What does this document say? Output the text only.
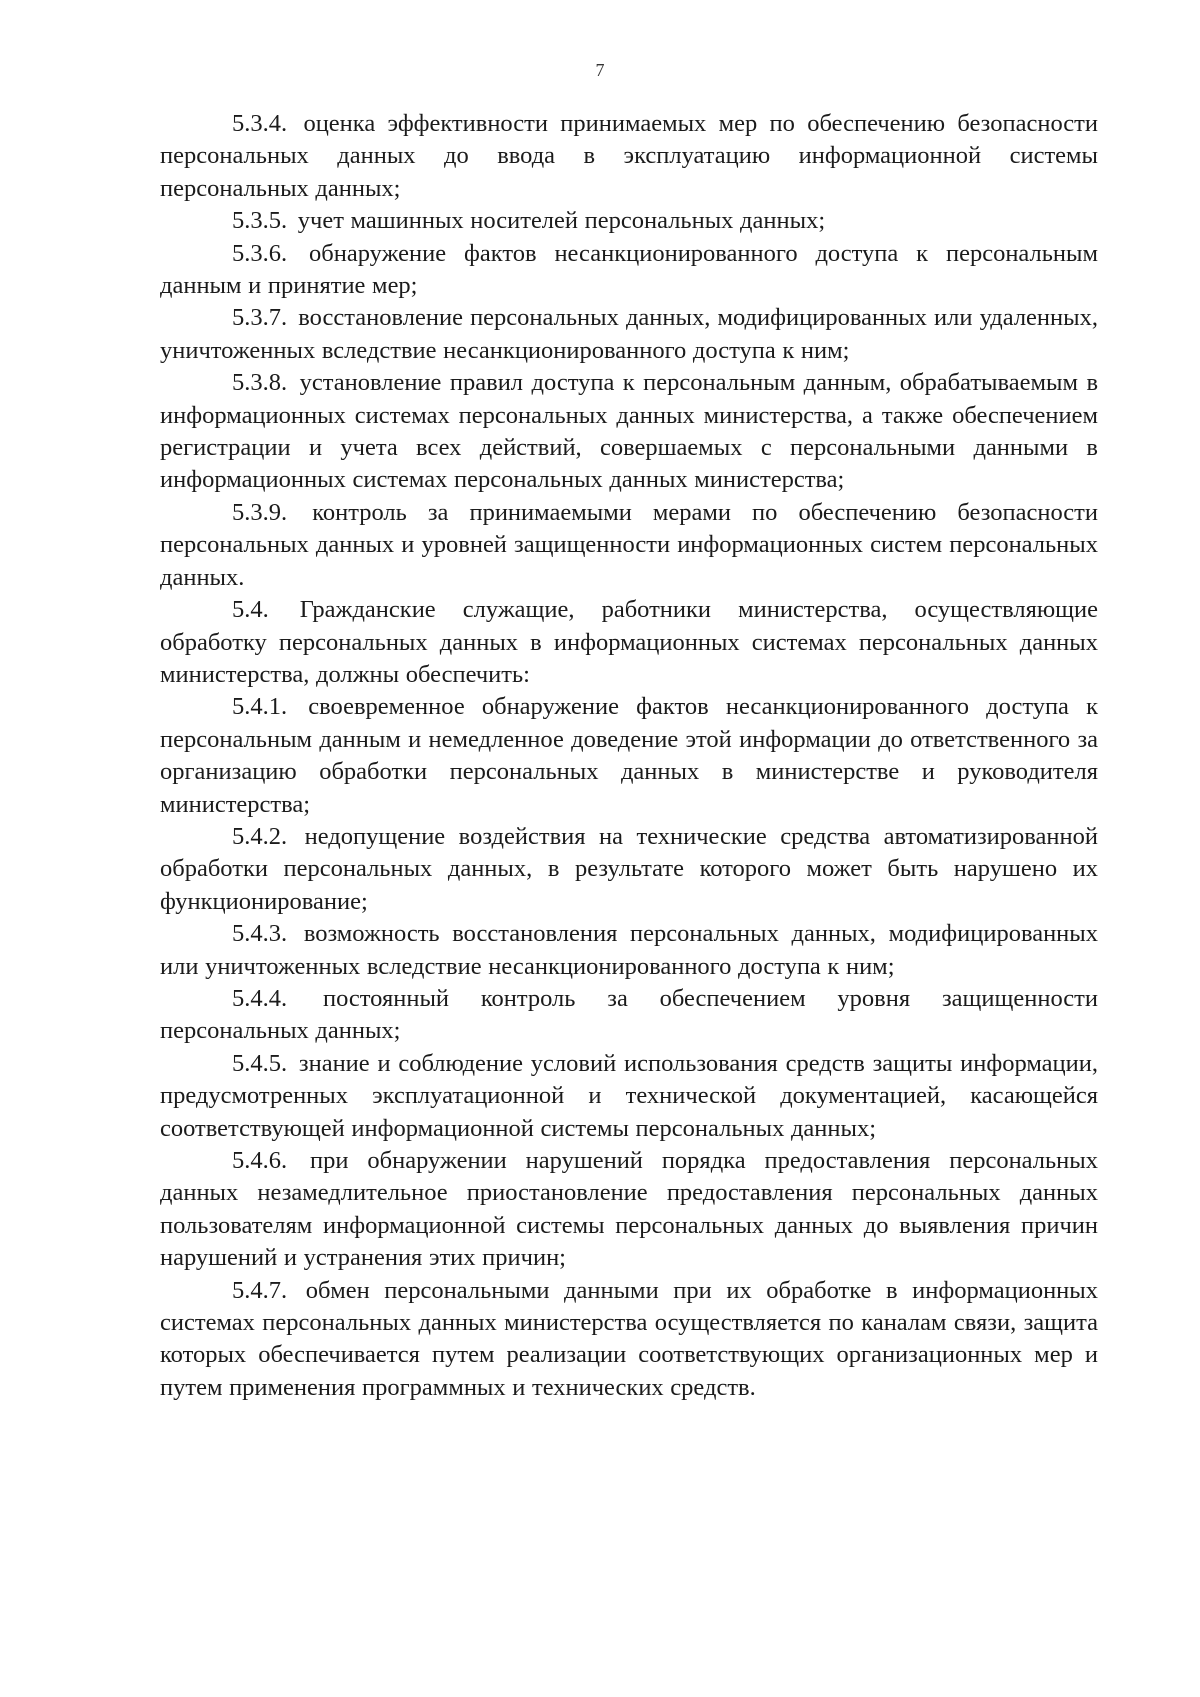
7

5.3.4. оценка эффективности принимаемых мер по обеспечению безопасности персональных данных до ввода в эксплуатацию информационной системы персональных данных;

5.3.5. учет машинных носителей персональных данных;

5.3.6. обнаружение фактов несанкционированного доступа к персональным данным и принятие мер;

5.3.7. восстановление персональных данных, модифицированных или удаленных, уничтоженных вследствие несанкционированного доступа к ним;

5.3.8. установление правил доступа к персональным данным, обрабатываемым в информационных системах персональных данных министерства, а также обеспечением регистрации и учета всех действий, совершаемых с персональными данными в информационных системах персональных данных министерства;

5.3.9. контроль за принимаемыми мерами по обеспечению безопасности персональных данных и уровней защищенности информационных систем персональных данных.

5.4. Гражданские служащие, работники министерства, осуществляющие обработку персональных данных в информационных системах персональных данных министерства, должны обеспечить:

5.4.1. своевременное обнаружение фактов несанкционированного доступа к персональным данным и немедленное доведение этой информации до ответственного за организацию обработки персональных данных в министерстве и руководителя министерства;

5.4.2. недопущение воздействия на технические средства автоматизированной обработки персональных данных, в результате которого может быть нарушено их функционирование;

5.4.3. возможность восстановления персональных данных, модифицированных или уничтоженных вследствие несанкционированного доступа к ним;

5.4.4. постоянный контроль за обеспечением уровня защищенности персональных данных;

5.4.5. знание и соблюдение условий использования средств защиты информации, предусмотренных эксплуатационной и технической документацией, касающейся соответствующей информационной системы персональных данных;

5.4.6. при обнаружении нарушений порядка предоставления персональных данных незамедлительное приостановление предоставления персональных данных пользователям информационной системы персональных данных до выявления причин нарушений и устранения этих причин;

5.4.7. обмен персональными данными при их обработке в информационных системах персональных данных министерства осуществляется по каналам связи, защита которых обеспечивается путем реализации соответствующих организационных мер и путем применения программных и технических средств.
